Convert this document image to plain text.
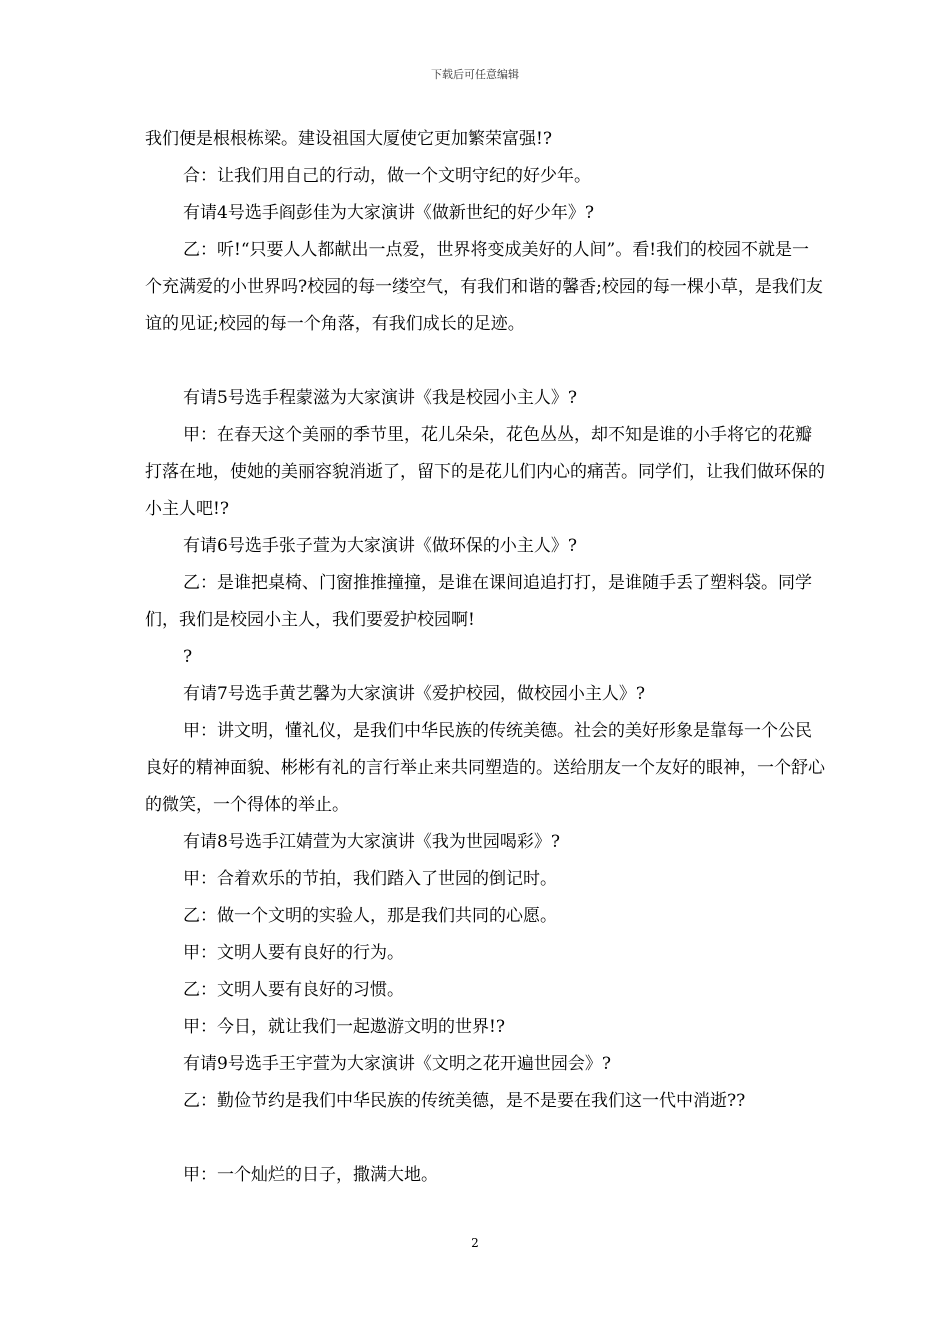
下载后可任意编辑

我们便是根根栋梁。建设祖国大厦使它更加繁荣富强!?

合：让我们用自己的行动，做一个文明守纪的好少年。

有请4号选手阎彭佳为大家演讲《做新世纪的好少年》?

乙：听!“只要人人都献出一点爱，世界将变成美好的人间”。看!我们的校园不就是一个充满爱的小世界吗?校园的每一缕空气，有我们和谐的馨香;校园的每一棵小草，是我们友谊的见证;校园的每一个角落，有我们成长的足迹。

有请5号选手程蒙滋为大家演讲《我是校园小主人》?

甲：在春天这个美丽的季节里，花儿朵朵，花色丛丛，却不知是谁的小手将它的花瓣打落在地，使她的美丽容貌消逝了，留下的是花儿们内心的痛苦。同学们，让我们做环保的小主人吧!?

有请6号选手张子萱为大家演讲《做环保的小主人》?

乙：是谁把桌椅、门窗推推撞撞，是谁在课间追追打打，是谁随手丢了塑料袋。同学们，我们是校园小主人，我们要爱护校园啊!

?

有请7号选手黄艺馨为大家演讲《爱护校园，做校园小主人》?

甲：讲文明，懂礼仪，是我们中华民族的传统美德。社会的美好形象是靠每一个公民良好的精神面貌、彬彬有礼的言行举止来共同塑造的。送给朋友一个友好的眼神，一个舒心的微笑，一个得体的举止。

有请8号选手江婧萱为大家演讲《我为世园喝彩》?

甲：合着欢乐的节拍，我们踏入了世园的倒记时。

乙：做一个文明的实验人，那是我们共同的心愿。

甲：文明人要有良好的行为。

乙：文明人要有良好的习惯。

甲：今日，就让我们一起遨游文明的世界!?

有请9号选手王宇萱为大家演讲《文明之花开遍世园会》?

乙：勤俭节约是我们中华民族的传统美德，是不是要在我们这一代中消逝??

甲：一个灿烂的日子，撒满大地。

2
